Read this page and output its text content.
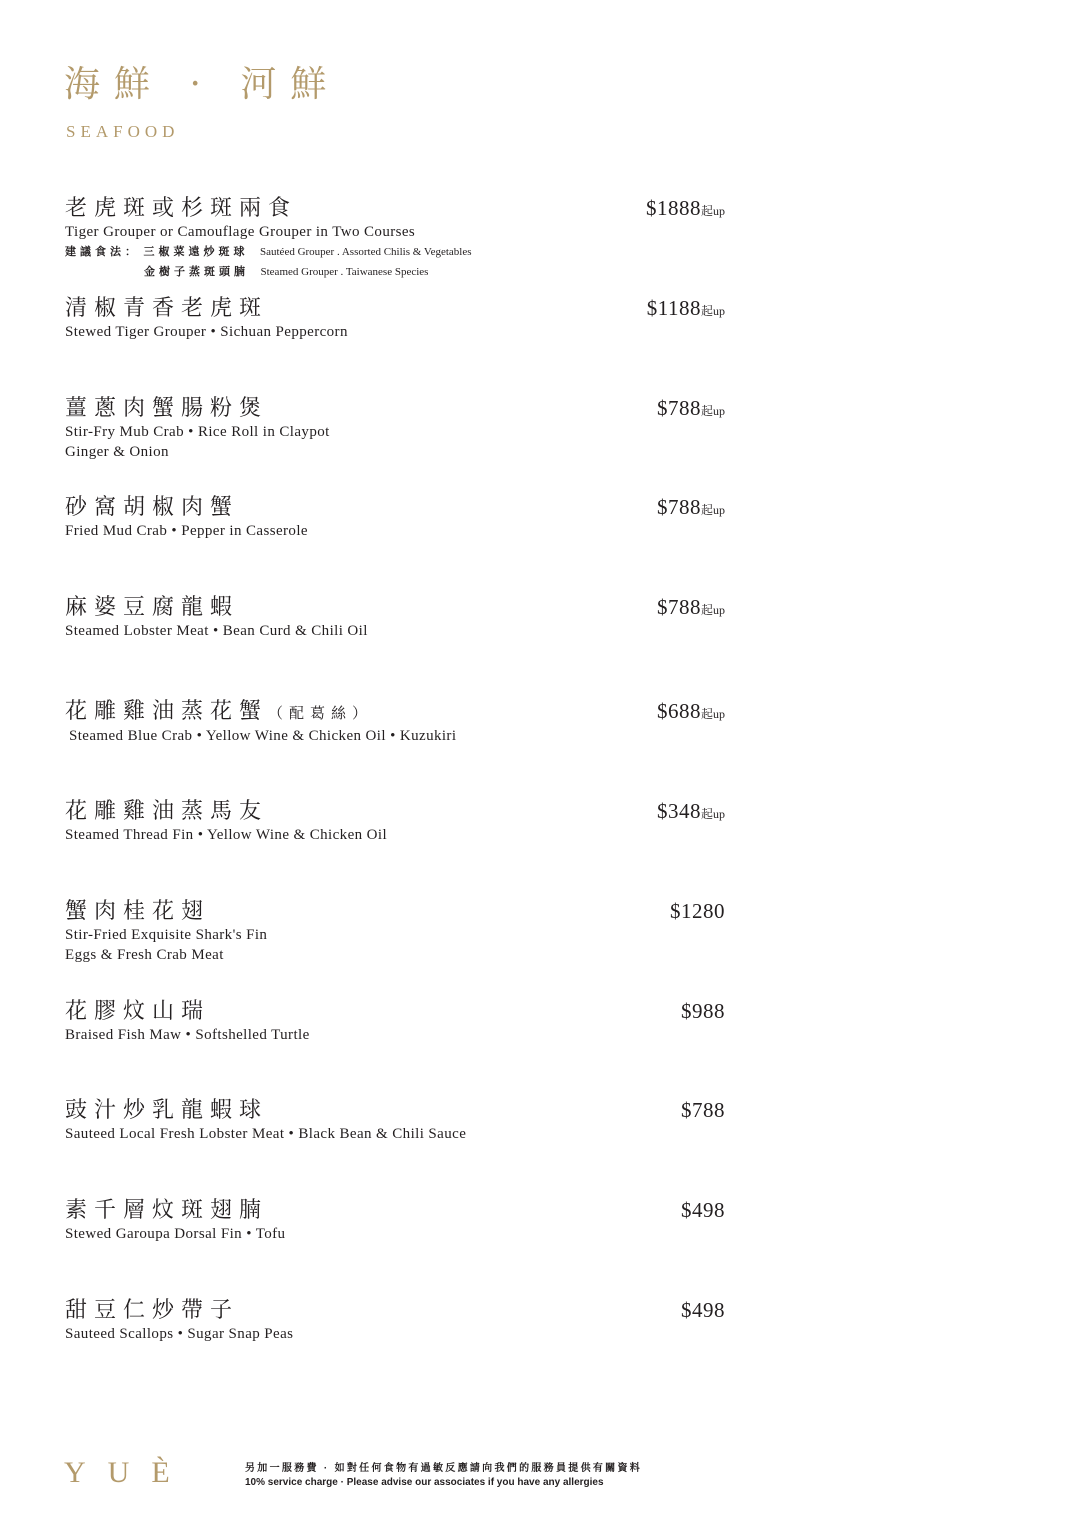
海鮮 · 河鮮
SEAFOOD
老虎斑或杉斑兩食
Tiger Grouper or Camouflage Grouper in Two Courses
建議食法： 三椒菜遠炒斑球 Sautéed Grouper . Assorted Chilis & Vegetables
金樹子蒸斑頭腩 Steamed Grouper . Taiwanese Species
$1888起up
清椒青香老虎斑
Stewed Tiger Grouper • Sichuan Peppercorn
$1188起up
薑蔥肉蟹腸粉煲
Stir-Fry Mub Crab • Rice Roll in Claypot
Ginger & Onion
$788起up
砂窩胡椒肉蟹
Fried Mud Crab • Pepper in Casserole
$788起up
麻婆豆腐龍蝦
Steamed Lobster Meat • Bean Curd & Chili Oil
$788起up
花雕雞油蒸花蟹（配葛絲）
Steamed Blue Crab • Yellow Wine & Chicken Oil • Kuzukiri
$688起up
花雕雞油蒸馬友
Steamed Thread Fin • Yellow Wine & Chicken Oil
$348起up
蟹肉桂花翅
Stir-Fried Exquisite Shark's Fin
Eggs & Fresh Crab Meat
$1280
花膠炆山瑞
Braised Fish Maw • Softshelled Turtle
$988
豉汁炒乳龍蝦球
Sauteed Local Fresh Lobster Meat • Black Bean & Chili Sauce
$788
素千層炆斑翅腩
Stewed Garoupa Dorsal Fin • Tofu
$498
甜豆仁炒帶子
Sauteed Scallops • Sugar Snap Peas
$498
YUÈ	另加一服務費 · 如對任何食物有過敏反應請向我們的服務員提供有關資料
10% service charge · Please advise our associates if you have any allergies
